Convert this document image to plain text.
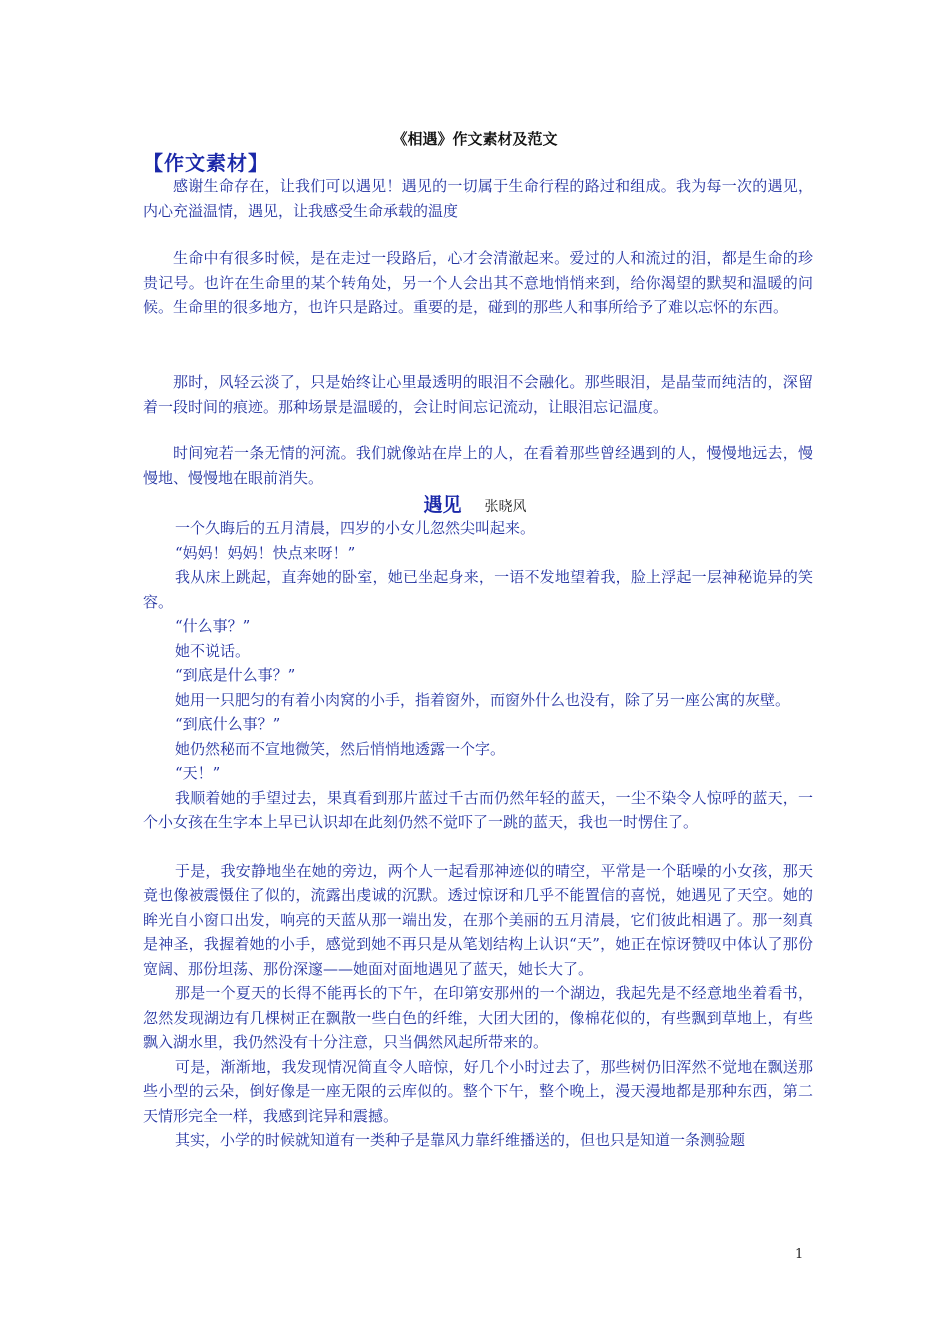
《相遇》作文素材及范文
【作文素材】

感谢生命存在，让我们可以遇见！遇见的一切属于生命行程的路过和组成。我为每一次的遇见，内心充溢温情，遇见，让我感受生命承载的温度

生命中有很多时候，是在走过一段路后，心才会清澈起来。爱过的人和流过的泪，都是生命的珍贵记号。也许在生命里的某个转角处，另一个人会出其不意地悄悄来到，给你渴望的默契和温暖的问候。生命里的很多地方，也许只是路过。重要的是，碰到的那些人和事所给予了难以忘怀的东西。

那时，风轻云淡了，只是始终让心里最透明的眼泪不会融化。那些眼泪，是晶莹而纯洁的，深留着一段时间的痕迹。那种场景是温暖的，会让时间忘记流动，让眼泪忘记温度。

时间宛若一条无情的河流。我们就像站在岸上的人，在看着那些曾经遇到的人，慢慢地远去，慢慢地、慢慢地在眼前消失。

遇见 张晓风

一个久晦后的五月清晨，四岁的小女儿忽然尖叫起来。

“妈妈！妈妈！快点来呀！”

我从床上跳起，直奔她的卧室，她已坐起身来，一语不发地望着我，脸上浮起一层神秘诡异的笑容。

“什么事？”

她不说话。

“到底是什么事？”

她用一只肥匀的有着小肉窝的小手，指着窗外，而窗外什么也没有，除了另一座公寓的灰壁。

“到底什么事？”

她仍然秘而不宣地微笑，然后悄悄地透露一个字。

“天！”

我顺着她的手望过去，果真看到那片蓝过千古而仍然年轻的蓝天，一尘不染令人惊呼的蓝天，一个小女孩在生字本上早已认识却在此刻仍然不觉吓了一跳的蓝天，我也一时愣住了。

于是，我安静地坐在她的旁边，两个人一起看那神迹似的晴空，平常是一个聒噪的小女孩，那天竟也像被震慑住了似的，流露出虔诚的沉默。透过惊讶和几乎不能置信的喜悦，她遇见了天空。她的眸光自小窗口出发，响亮的天蓝从那一端出发，在那个美丽的五月清晨，它们彼此相遇了。那一刻真是神圣，我握着她的小手，感觉到她不再只是从笔划结构上认识“天”，她正在惊讶赞叹中体认了那份宽阔、那份坦荡、那份深邃——她面对面地遇见了蓝天，她长大了。

那是一个夏天的长得不能再长的下午，在印第安那州的一个湖边，我起先是不经意地坐着看书，忽然发现湖边有几棵树正在飘散一些白色的纤维，大团大团的，像棉花似的，有些飘到草地上，有些飘入湖水里，我仍然没有十分注意，只当偶然风起所带来的。

可是，渐渐地，我发现情况简直令人暗惊，好几个小时过去了，那些树仍旧浑然不觉地在飘送那些小型的云朵，倒好像是一座无限的云库似的。整个下午，整个晚上，漫天漫地都是那种东西，第二天情形完全一样，我感到诧异和震撼。

其实，小学的时候就知道有一类种子是靠风力靠纤维播送的，但也只是知道一条测验题

1
